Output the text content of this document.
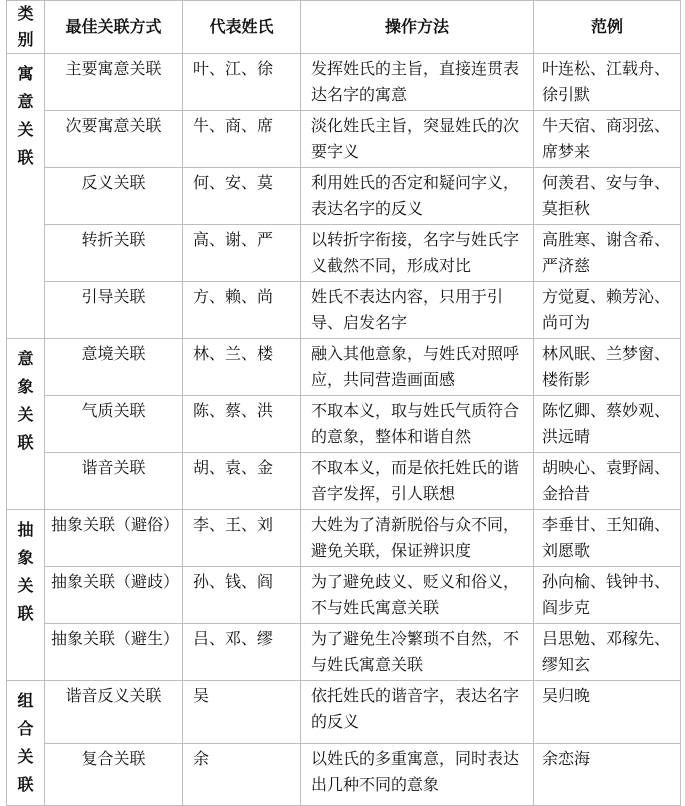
类
别	最佳关联方式	代表姓氏	操作方法	范例

寓
意
关
联	主要寓意关联	叶、江、徐	发挥姓氏的主旨，直接连贯表达名字的寓意	叶连松、江载舟、徐引默
	次要寓意关联	牛、商、席	淡化姓氏主旨，突显姓氏的次要字义	牛天宿、商羽弦、席梦来
	反义关联	何、安、莫	利用姓氏的否定和疑问字义，表达名字的反义	何羡君、安与争、莫拒秋
	转折关联	高、谢、严	以转折字衔接，名字与姓氏字义截然不同，形成对比	高胜寒、谢含希、严济慈
	引导关联	方、赖、尚	姓氏不表达内容，只用于引导、启发名字	方觉夏、赖芳沁、尚可为

意
象
关
联	意境关联	林、兰、楼	融入其他意象，与姓氏对照呼应，共同营造画面感	林风眠、兰梦窗、楼衔影
	气质关联	陈、蔡、洪	不取本义，取与姓氏气质符合的意象，整体和谐自然	陈忆卿、蔡妙观、洪远晴
	谐音关联	胡、袁、金	不取本义，而是依托姓氏的谐音字发挥，引人联想	胡映心、袁野阔、金拾昔

抽
象
关
联	抽象关联（避俗）	李、王、刘	大姓为了清新脱俗与众不同，避免关联，保证辨识度	李垂甘、王知确、刘愿歌
	抽象关联（避歧）	孙、钱、阎	为了避免歧义、贬义和俗义，不与姓氏寓意关联	孙向榆、钱钟书、阎步克
	抽象关联（避生）	吕、邓、缪	为了避免生冷繁琐不自然，不与姓氏寓意关联	吕思勉、邓稼先、缪知玄

组
合
关
联	谐音反义关联	吴	依托姓氏的谐音字，表达名字的反义	吴归晚
	复合关联	余	以姓氏的多重寓意，同时表达出几种不同的意象	余恋海
